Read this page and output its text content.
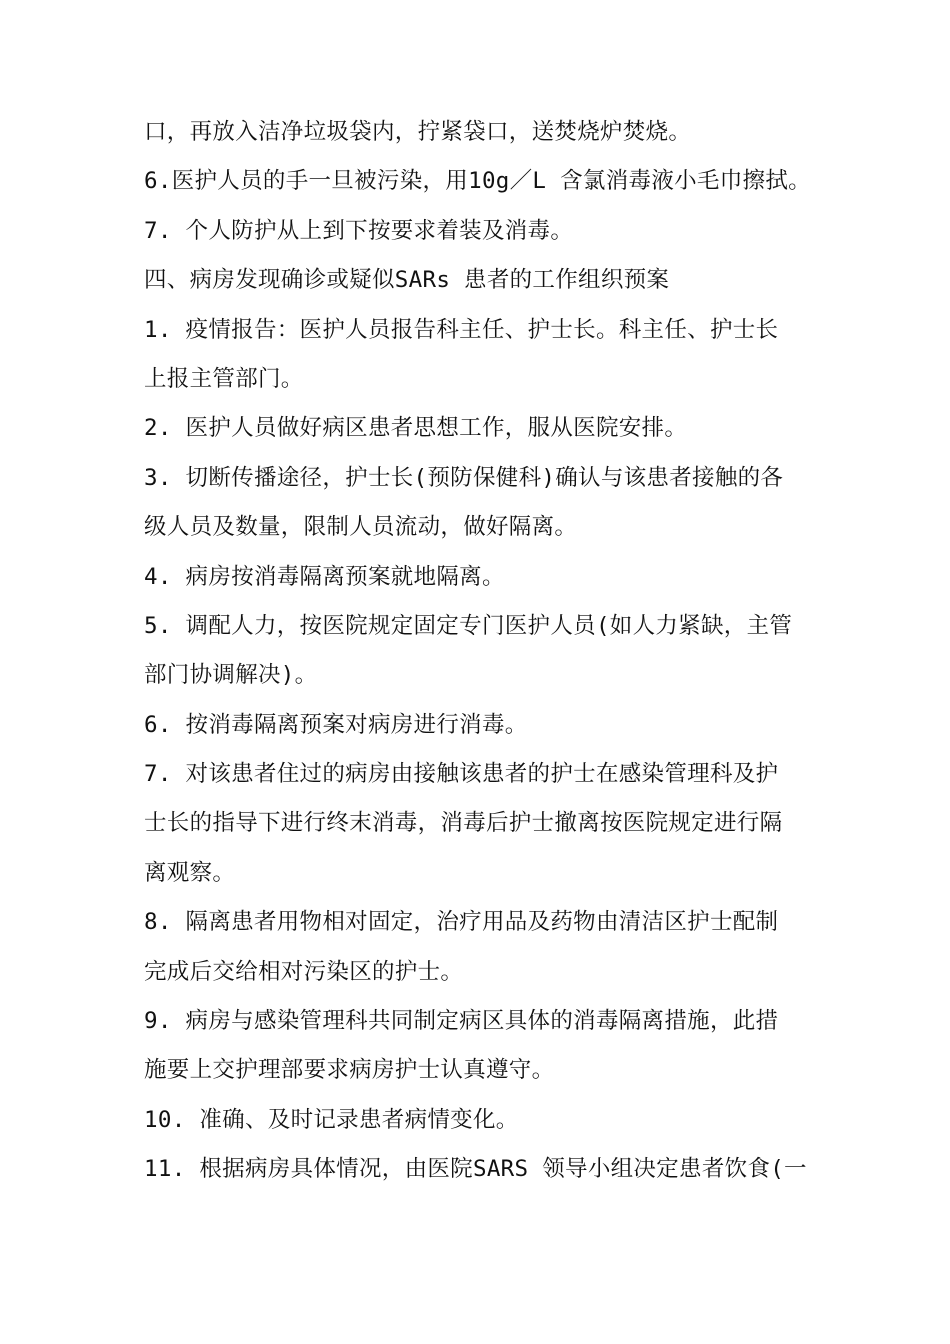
口，再放入洁净垃圾袋内，拧紧袋口，送焚烧炉焚烧。
6.医护人员的手一旦被污染，用10g／L 含氯消毒液小毛巾擦拭。
7. 个人防护从上到下按要求着装及消毒。
四、病房发现确诊或疑似SARs 患者的工作组织预案
1. 疫情报告：医护人员报告科主任、护士长。科主任、护士长
上报主管部门。
2. 医护人员做好病区患者思想工作，服从医院安排。
3. 切断传播途径，护士长(预防保健科)确认与该患者接触的各
级人员及数量，限制人员流动，做好隔离。
4. 病房按消毒隔离预案就地隔离。
5. 调配人力，按医院规定固定专门医护人员(如人力紧缺，主管
部门协调解决)。
6. 按消毒隔离预案对病房进行消毒。
7. 对该患者住过的病房由接触该患者的护士在感染管理科及护
士长的指导下进行终末消毒，消毒后护士撤离按医院规定进行隔
离观察。
8. 隔离患者用物相对固定，治疗用品及药物由清洁区护士配制
完成后交给相对污染区的护士。
9. 病房与感染管理科共同制定病区具体的消毒隔离措施，此措
施要上交护理部要求病房护士认真遵守。
10. 准确、及时记录患者病情变化。
11. 根据病房具体情况，由医院SARS 领导小组决定患者饮食(一
